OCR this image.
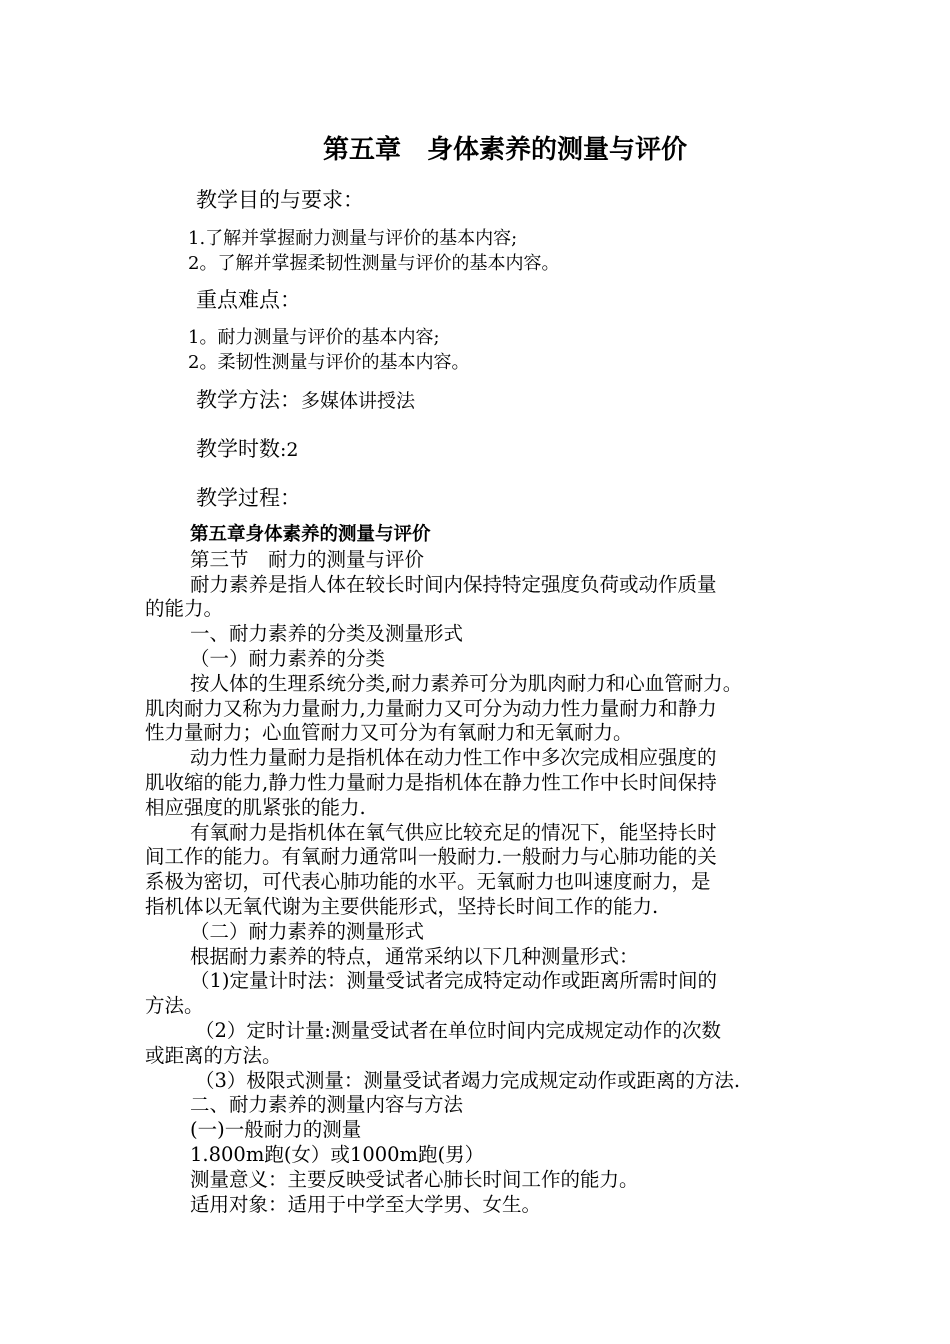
第五章　身体素养的测量与评价
教学目的与要求：
1.了解并掌握耐力测量与评价的基本内容;
2。了解并掌握柔韧性测量与评价的基本内容。
重点难点：
1。耐力测量与评价的基本内容;
2。柔韧性测量与评价的基本内容。
教学方法：多媒体讲授法
教学时数:2
教学过程：
第五章身体素养的测量与评价
第三节　耐力的测量与评价
耐力素养是指人体在较长时间内保持特定强度负荷或动作质量
的能力。
一、耐力素养的分类及测量形式
（一）耐力素养的分类
按人体的生理系统分类,耐力素养可分为肌肉耐力和心血管耐力。
肌肉耐力又称为力量耐力,力量耐力又可分为动力性力量耐力和静力
性力量耐力；心血管耐力又可分为有氧耐力和无氧耐力。
动力性力量耐力是指机体在动力性工作中多次完成相应强度的
肌收缩的能力,静力性力量耐力是指机体在静力性工作中长时间保持
相应强度的肌紧张的能力.
有氧耐力是指机体在氧气供应比较充足的情况下，能坚持长时
间工作的能力。有氧耐力通常叫一般耐力.一般耐力与心肺功能的关
系极为密切，可代表心肺功能的水平。无氧耐力也叫速度耐力，是
指机体以无氧代谢为主要供能形式，坚持长时间工作的能力.
（二）耐力素养的测量形式
根据耐力素养的特点，通常采纳以下几种测量形式：
（1)定量计时法：测量受试者完成特定动作或距离所需时间的
方法。
（2）定时计量:测量受试者在单位时间内完成规定动作的次数
或距离的方法。
（3）极限式测量：测量受试者竭力完成规定动作或距离的方法.
二、耐力素养的测量内容与方法
(一)一般耐力的测量
1.800m跑(女）或1000m跑(男）
测量意义：主要反映受试者心肺长时间工作的能力。
适用对象：适用于中学至大学男、女生。
